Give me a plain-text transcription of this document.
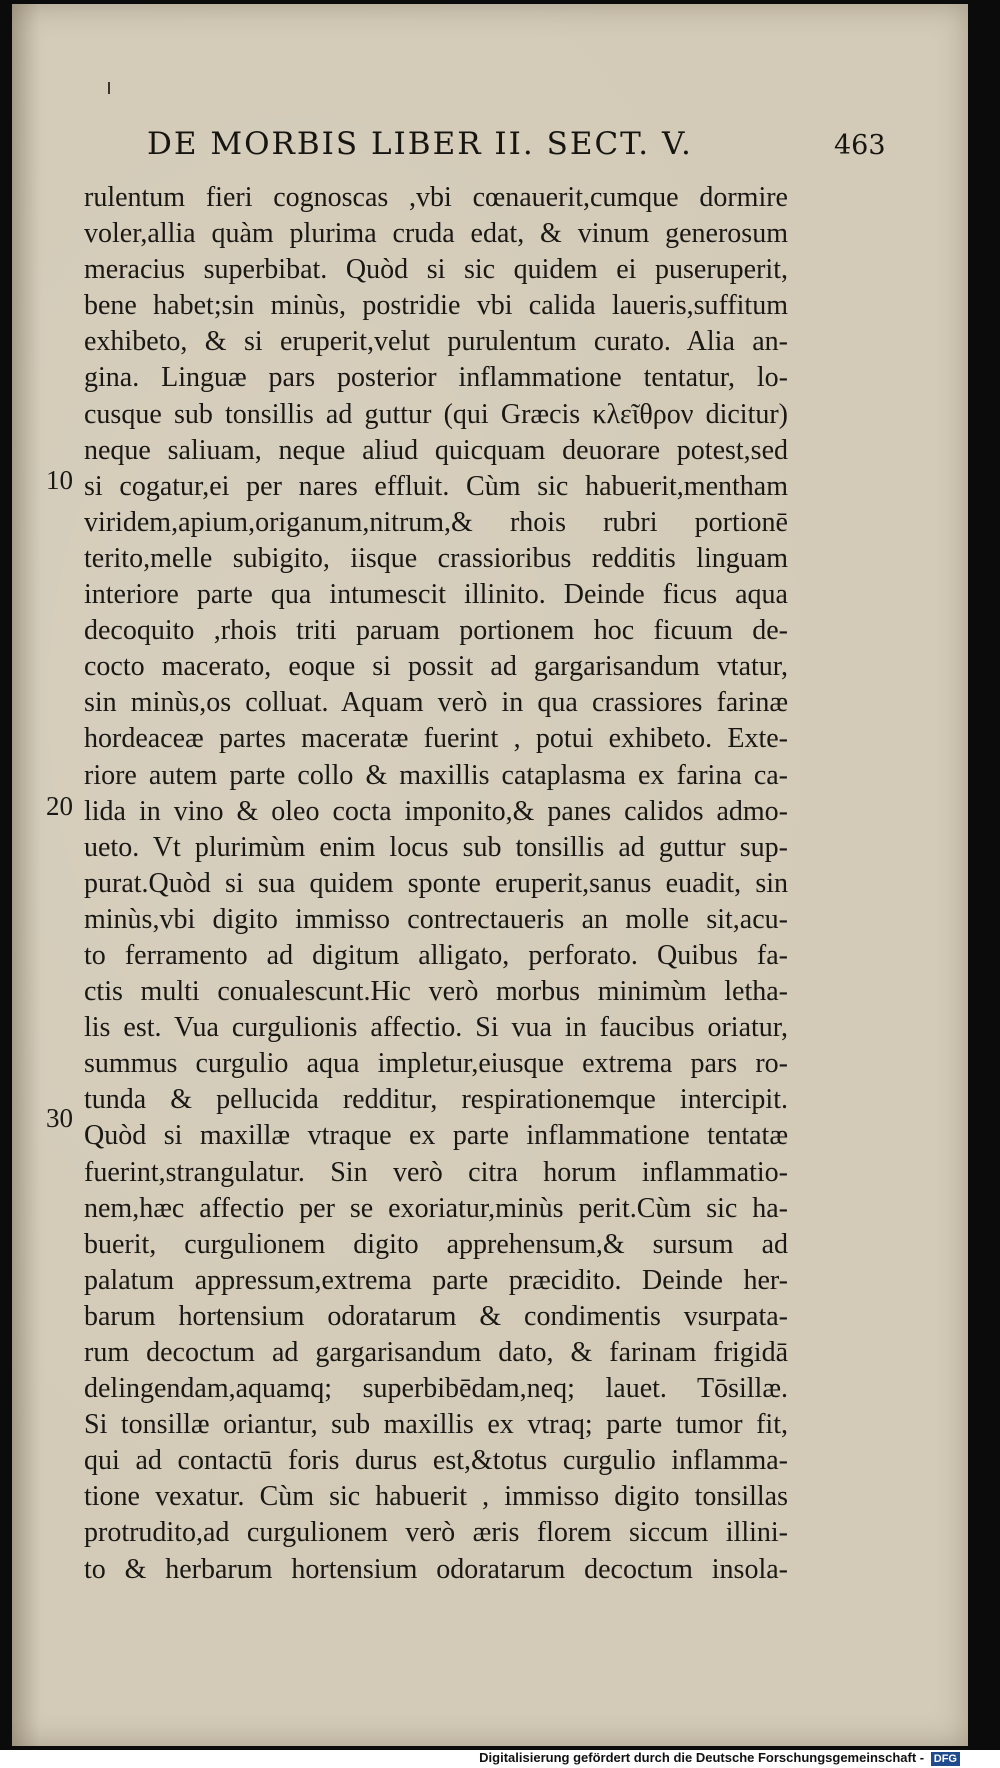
DE MORBIS LIBER II. SECT. V.	463
10
20
30
rulentum fieri cognoscas ,vbi cœnauerit,cumque dormire
voler,allia quàm plurima cruda edat, & vinum generosum
meracius superbibat. Quòd si sic quidem ei puseruperit,
bene habet;sin minùs, postridie vbi calida laueris,suffitum
exhibeto, & si eruperit,velut purulentum curato. Alia an-
gina. Linguæ pars posterior inflammatione tentatur, lo-
cusque sub tonsillis ad guttur (qui Græcis κλεῖθρον dicitur)
neque saliuam, neque aliud quicquam deuorare potest,sed
si cogatur,ei per nares effluit. Cùm sic habuerit,mentham
viridem,apium,origanum,nitrum,& rhois rubri portionē
terito,melle subigito, iisque crassioribus redditis linguam
interiore parte qua intumescit illinito. Deinde ficus aqua
decoquito ,rhois triti paruam portionem hoc ficuum de-
cocto macerato, eoque si possit ad gargarisandum vtatur,
sin minùs,os colluat. Aquam verò in qua crassiores farinæ
hordeaceæ partes maceratæ fuerint , potui exhibeto. Exte-
riore autem parte collo & maxillis cataplasma ex farina ca-
lida in vino & oleo cocta imponito,& panes calidos admo-
ueto. Vt plurimùm enim locus sub tonsillis ad guttur sup-
purat.Quòd si sua quidem sponte eruperit,sanus euadit, sin
minùs,vbi digito immisso contrectaueris an molle sit,acu-
to ferramento ad digitum alligato, perforato. Quibus fa-
ctis multi conualescunt.Hic verò morbus minimùm letha-
lis est. Vua curgulionis affectio. Si vua in faucibus oriatur,
summus curgulio aqua impletur,eiusque extrema pars ro-
tunda & pellucida redditur, respirationemque intercipit.
Quòd si maxillæ vtraque ex parte inflammatione tentatæ
fuerint,strangulatur. Sin verò citra horum inflammatio-
nem,hæc affectio per se exoriatur,minùs perit.Cùm sic ha-
buerit, curgulionem digito apprehensum,& sursum ad
palatum appressum,extrema parte præcidito. Deinde her-
barum hortensium odoratarum & condimentis vsurpata-
rum decoctum ad gargarisandum dato, & farinam frigidā
delingendam,aquamq; superbibēdam,neq; lauet. Tōsillæ.
Si tonsillæ oriantur, sub maxillis ex vtraq; parte tumor fit,
qui ad contactū foris durus est,&totus curgulio inflamma-
tione vexatur. Cùm sic habuerit , immisso digito tonsillas
protrudito,ad curgulionem verò æris florem siccum illini-
to & herbarum hortensium odoratarum decoctum insola-
Digitalisierung gefördert durch die Deutsche Forschungsgemeinschaft - DFG
